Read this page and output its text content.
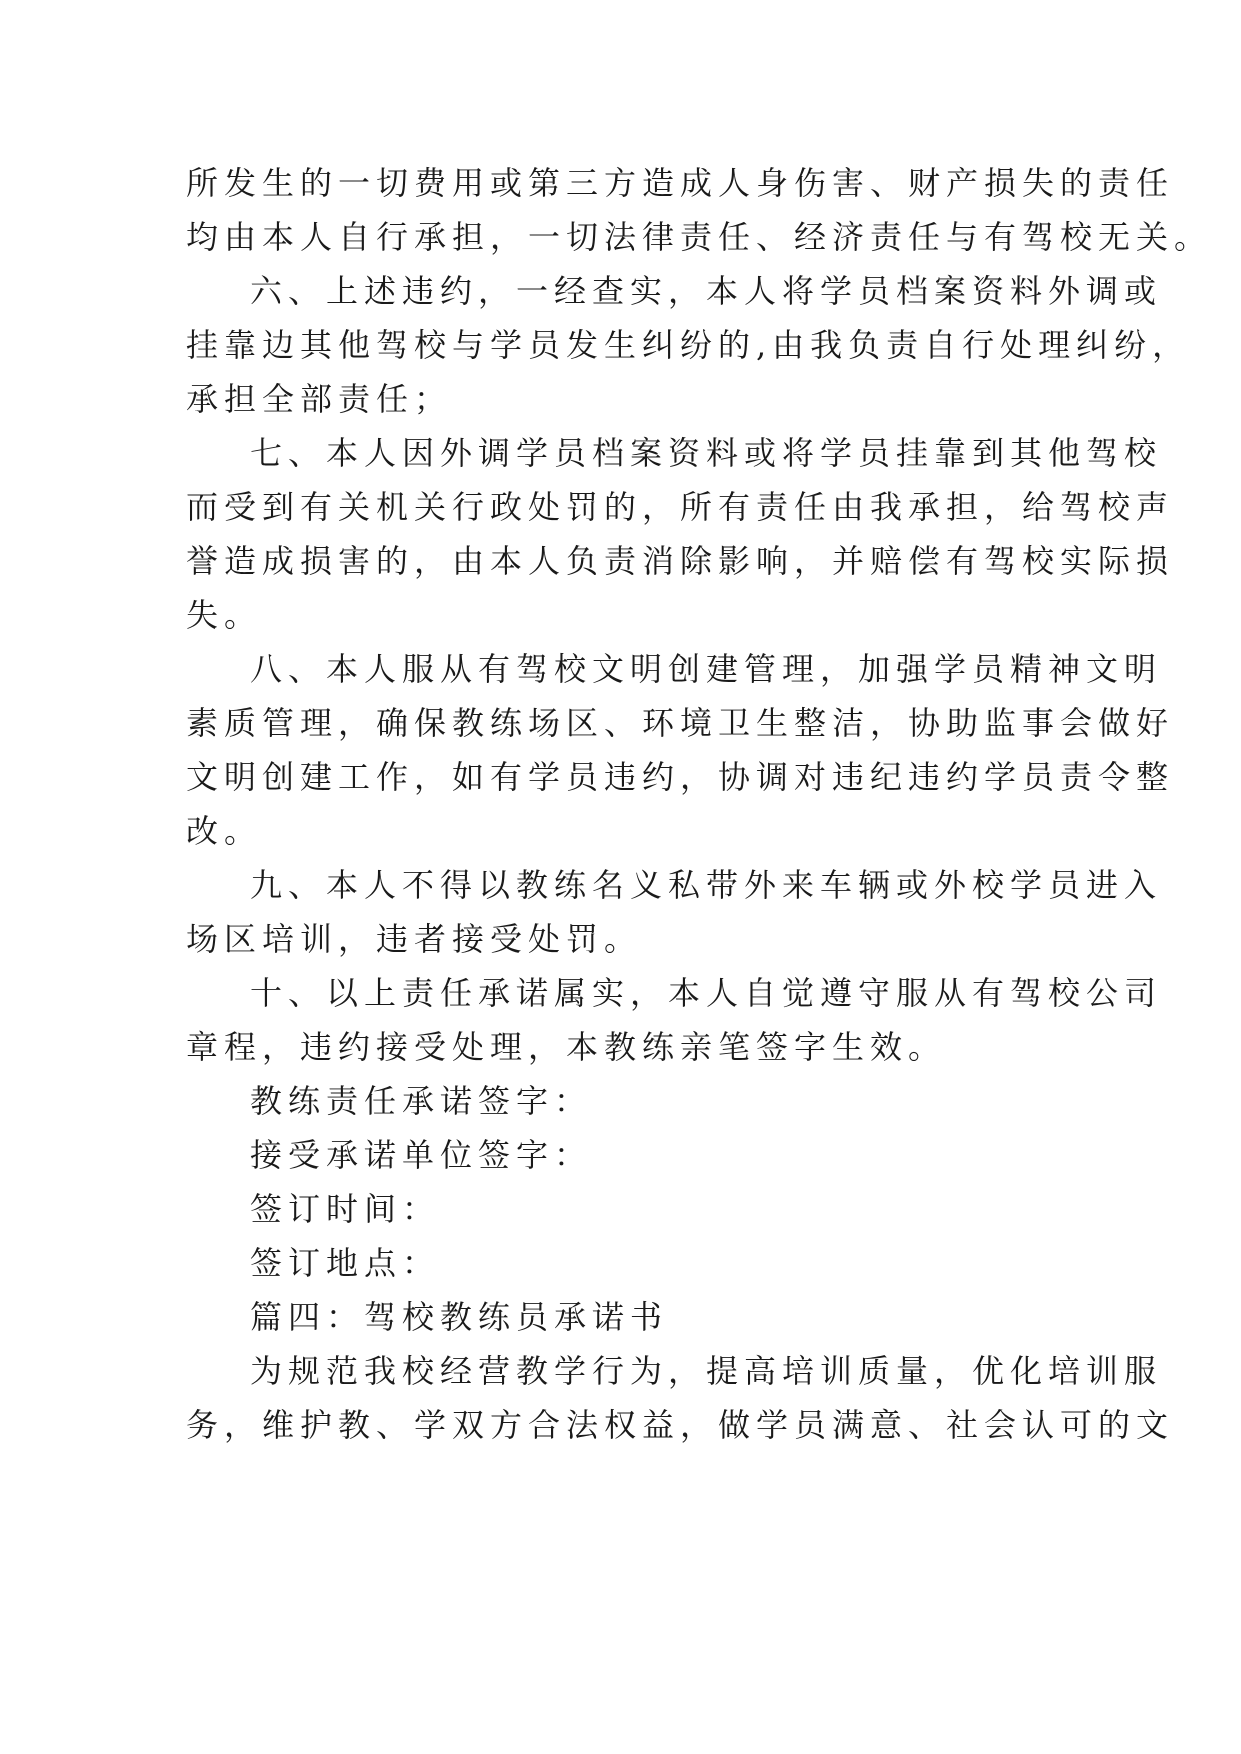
所发生的一切费用或第三方造成人身伤害、财产损失的责任
均由本人自行承担，一切法律责任、经济责任与有驾校无关。
六、上述违约，一经查实，本人将学员档案资料外调或
挂靠边其他驾校与学员发生纠纷的,由我负责自行处理纠纷，
承担全部责任；
七、本人因外调学员档案资料或将学员挂靠到其他驾校
而受到有关机关行政处罚的，所有责任由我承担，给驾校声
誉造成损害的，由本人负责消除影响，并赔偿有驾校实际损
失。
八、本人服从有驾校文明创建管理，加强学员精神文明
素质管理，确保教练场区、环境卫生整洁，协助监事会做好
文明创建工作，如有学员违约，协调对违纪违约学员责令整
改。
九、本人不得以教练名义私带外来车辆或外校学员进入
场区培训，违者接受处罚。
十、以上责任承诺属实，本人自觉遵守服从有驾校公司
章程，违约接受处理，本教练亲笔签字生效。
教练责任承诺签字：
接受承诺单位签字：
签订时间：
签订地点：
篇四：驾校教练员承诺书
为规范我校经营教学行为，提高培训质量，优化培训服
务，维护教、学双方合法权益，做学员满意、社会认可的文
